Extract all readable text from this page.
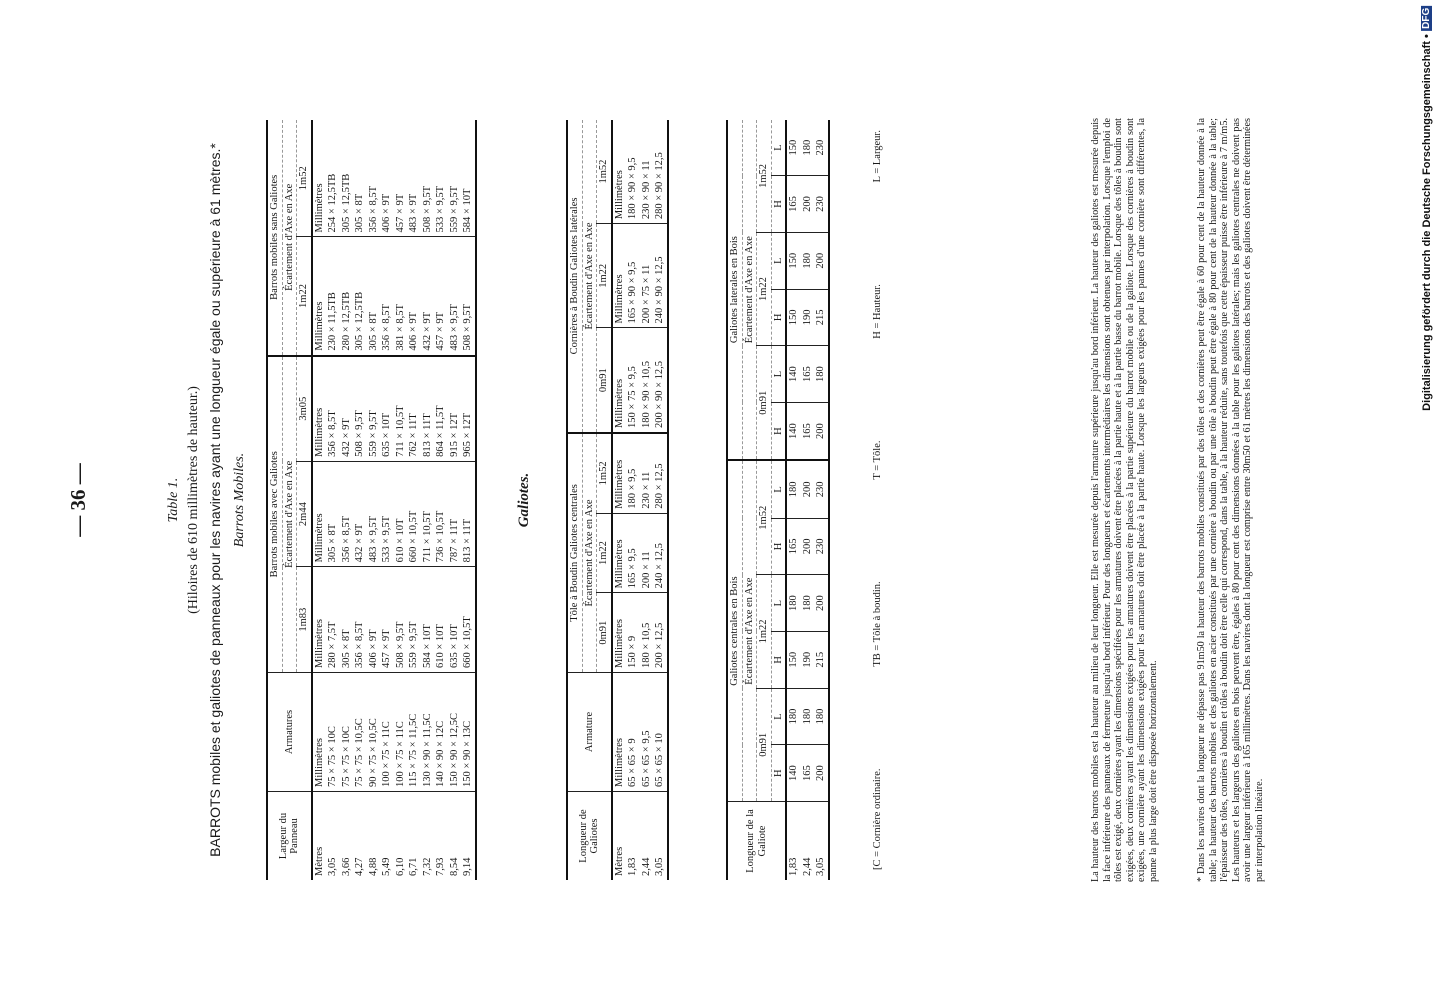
Digitalisierung gefördert durch die Deutsche Forschungsgemeinschaft • DFG
— 36 —	Table 1. (Hiloires de 610 millimètres de hauteur.) BARROTS mobiles et galiotes de panneaux pour les navires ayant une longueur égale ou supérieure à 61 mètres.* Barrots Mobiles.
Largeur du Panneau	Armatures	Barrots mobiles avec Galiotes			Barrots mobiles sans Galiotes	
		Écartement d'Axe en Axe			Écartement d'Axe en Axe	
		1m83	2m44	3m05	1m22	1m52
Mètres	Millimètres	Millimètres	Millimètres	Millimètres	Millimètres	Millimètres
3,05	75 × 75 × 10C	280 × 7,5T	305 × 8T	356 × 8,5T	230 × 11,5TB	254 × 12,5TB
3,66	75 × 75 × 10C	305 × 8T	356 × 8,5T	432 × 9T	280 × 12,5TB	305 × 12,5TB
4,27	75 × 75 × 10,5C	356 × 8,5T	432 × 9T	508 × 9,5T	305 × 12,5TB	305 × 8T
4,88	90 × 75 × 10,5C	406 × 9T	483 × 9,5T	559 × 9,5T	305 × 8T	356 × 8,5T
5,49	100 × 75 × 11C	457 × 9T	533 × 9,5T	635 × 10T	356 × 8,5T	406 × 9T
6,10	100 × 75 × 11C	508 × 9,5T	610 × 10T	711 × 10,5T	381 × 8,5T	457 × 9T
6,71	115 × 75 × 11,5C	559 × 9,5T	660 × 10,5T	762 × 11T	406 × 9T	483 × 9T
7,32	130 × 90 × 11,5C	584 × 10T	711 × 10,5T	813 × 11T	432 × 9T	508 × 9,5T
7,93	140 × 90 × 12C	610 × 10T	736 × 10,5T	864 × 11,5T	457 × 9T	533 × 9,5T
8,54	150 × 90 × 12,5C	635 × 10T	787 × 11T	915 × 12T	483 × 9,5T	559 × 9,5T
9,14	150 × 90 × 13C	660 × 10,5T	813 × 11T	965 × 12T	508 × 9,5T	584 × 10T
Galiotes.
Longueur de Galiotes	Armature	Tôle à Boudin Galiotes centrales			Cornières à Boudin Galiotes latérales		
		Écartement d'Axe en Axe			Écartement d'Axe en Axe		
		0m91	1m22	1m52	0m91	1m22	1m52
Mètres	Millimètres	Millimètres	Millimètres	Millimètres	Millimètres	Millimètres	Millimètres
1,83	65 × 65 × 9	150 × 9	165 × 9,5	180 × 9,5	150 × 75 × 9,5	165 × 90 × 9,5	180 × 90 × 9,5
2,44	65 × 65 × 9,5	180 × 10,5	200 × 11	230 × 11	180 × 90 × 10,5	200 × 75 × 11	230 × 90 × 11
3,05	65 × 65 × 10	200 × 12,5	240 × 12,5	280 × 12,5	200 × 90 × 12,5	240 × 90 × 12,5	280 × 90 × 12,5
Longueur de la Galiote	Galiotes centrales en Bois						Galiotes laterales en Bois					
	Écartement d'Axe en Axe						Écartement d'Axe en Axe					
	0m91		1m22		1m52		0m91		1m22		1m52	
	H	L	H	L	H	L	H	L	H	L	H	L
1,83	140	180	150	180	165	180	140	140	150	150	165	150
2,44	165	180	190	180	200	200	165	165	190	180	200	180
3,05	200	180	215	200	230	230	200	180	215	200	230	230
[C = Cornière ordinaire.
TB = Tôle à boudin.
T = Tôle.
H = Hauteur.
L = Largeur.	La hauteur des barrots mobiles est la hauteur au milieu de leur longueur. Elle est mesurée depuis l'armature supérieure jusqu'au bord inférieur. La hauteur des galiotes est mesurée depuis la face inférieure des panneaux de fermeture jusqu'au bord inférieur. Pour des longueurs et écartements intermédiaires les dimensions sont obtenues par interpolation. Lorsque l'emploi de tôles est exigé, deux cornières ayant les dimensions spécifiées pour les armatures doivent être placées à la partie haute et à la partie basse du barrot mobile. Lorsque des tôles à boudin sont exigées, deux cornières ayant les dimensions exigées pour les armatures doivent être placées à la partie supérieure du barrot mobile ou de la galiote. Lorsque des cornières à boudin sont exigées, une cornière ayant les dimensions exigées pour les armatures doit être placée à la partie haute. Lorsque les largeurs exigées pour les pannes d'une cornière sont différentes, la panne la plus large doit être disposée horizontalement.	* Dans les navires dont la longueur ne dépasse pas 91m50 la hauteur des barrots mobiles constitués par des tôles et des cornières peut être égale à 60 pour cent de la hauteur donnée à la table; la hauteur des barrots mobiles et des galiotes en acier constitués par une cornière à boudin ou par une tôle à boudin peut être égale à 80 pour cent de la hauteur donnée à la table; l'épaisseur des tôles, cornières à boudin et tôles à boudin doit être celle qui correspond, dans la table, à la hauteur réduite, sans toutefois que cette épaisseur puisse être inférieure à 7 m/m5. Les hauteurs et les largeurs des galiotes en bois peuvent être, égales à 80 pour cent des dimensions données à la table pour les galiotes latérales; mais les galiotes centrales ne doivent pas avoir une largeur inférieure à 165 millimètres. Dans les navires dont la longueur est comprise entre 30m50 et 61 mètres les dimensions des barrots et des galiotes doivent être déterminées par interpolation linéaire.
